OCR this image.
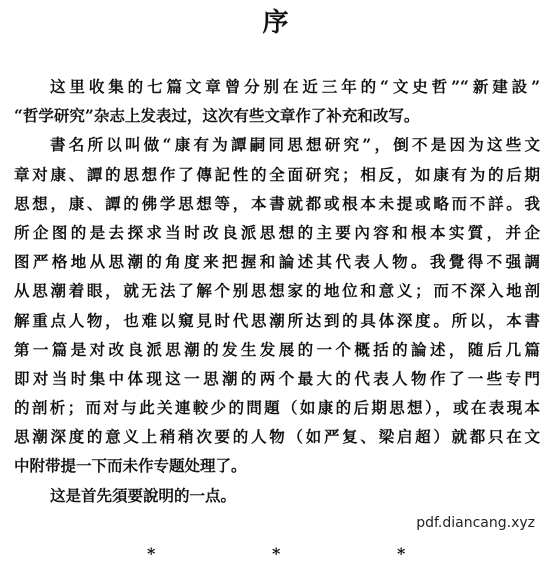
序
这里收集的七篇文章曾分别在近三年的“文史哲”“新建設”
“哲学研究”杂志上发表过，这次有些文章作了补充和改写。
書名所以叫做“康有为譚嗣同思想研究”，倒不是因为这些文
章对康、譚的思想作了傳記性的全面研究；相反，如康有为的后期
思想，康、譚的佛学思想等，本書就都或根本未提或略而不詳。我
所企图的是去探求当时改良派思想的主要內容和根本实質，并企
图严格地从思潮的角度来把握和論述其代表人物。我覺得不强調
从思潮着眼，就无法了解个别思想家的地位和意义；而不深入地剖
解重点人物，也难以窺見时代思潮所达到的具体深度。所以，本書
第一篇是对改良派思潮的发生发展的一个概括的論述，随后几篇
即对当时集中体现这一思潮的两个最大的代表人物作了一些专門
的剖析；而对与此关連較少的問題（如康的后期思想），或在表現本
思潮深度的意义上稍稍次要的人物（如严复、梁启超）就都只在文
中附带提一下而未作专题处理了。
这是首先須要說明的一点。
pdf.diancang.xyz
*	*	*
